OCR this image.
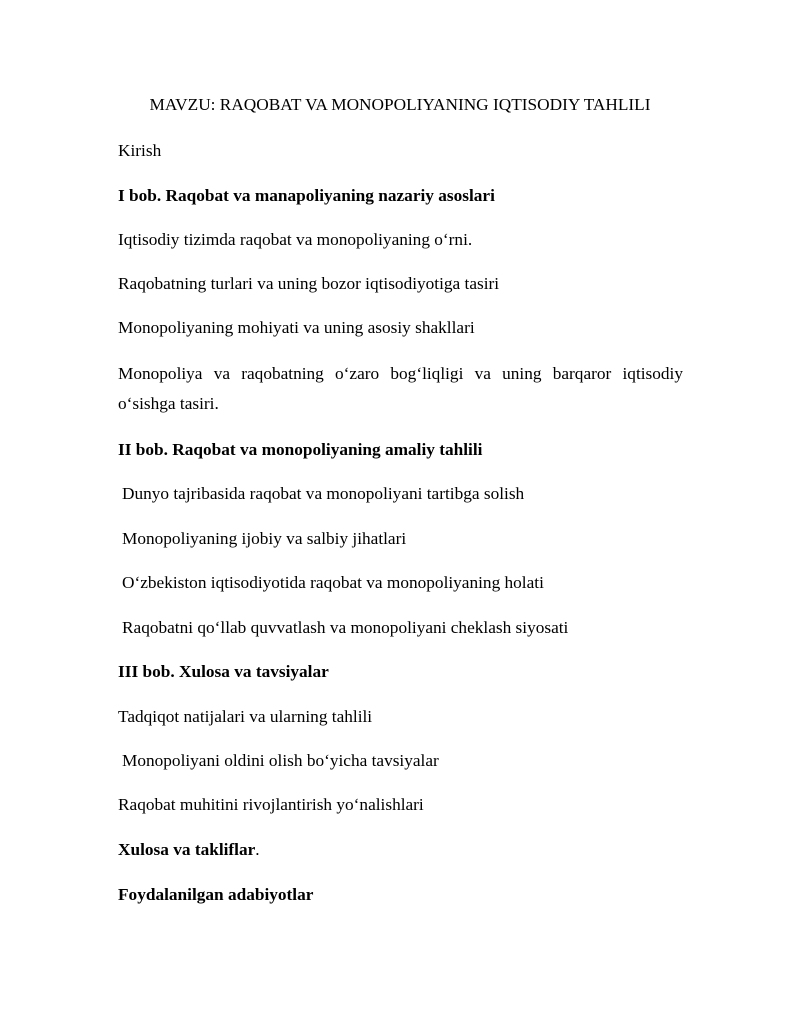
MAVZU: RAQOBAT VA MONOPOLIYANING IQTISODIY TAHLILI
Kirish
I bob. Raqobat va manapoliyaning nazariy asoslari
Iqtisodiy tizimda raqobat va monopoliyaning o‘rni.
Raqobatning turlari va uning bozor iqtisodiyotiga tasiri
Monopoliyaning mohiyati va uning asosiy shakllari
Monopoliya va raqobatning o‘zaro bog‘liqligi va uning barqaror iqtisodiy o‘sishga tasiri.
II bob. Raqobat va monopoliyaning amaliy tahlili
Dunyo tajribasida raqobat va monopoliyani tartibga solish
Monopoliyaning ijobiy va salbiy jihatlari
O‘zbekiston iqtisodiyotida raqobat va monopoliyaning holati
Raqobatni qo‘llab quvvatlash va monopoliyani cheklash siyosati
III bob. Xulosa va tavsiyalar
Tadqiqot natijalari va ularning tahlili
Monopoliyani oldini olish bo‘yicha tavsiyalar
Raqobat muhitini rivojlantirish yo‘nalishlari
Xulosa va takliflar.
Foydalanilgan adabiyotlar
